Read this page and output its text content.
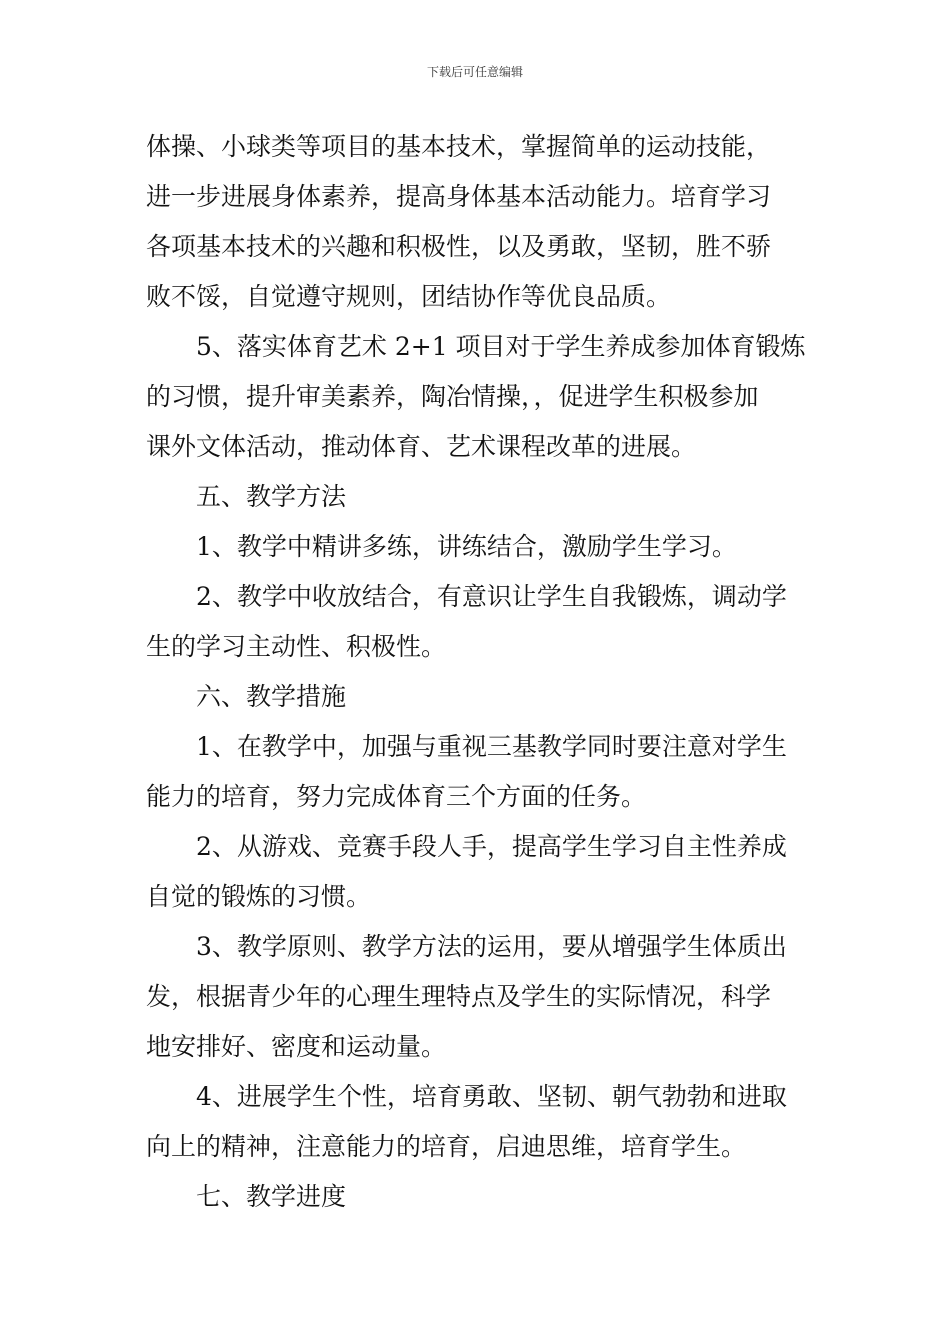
下载后可任意编辑
体操、小球类等项目的基本技术，掌握简单的运动技能，
进一步进展身体素养，提高身体基本活动能力。培育学习
各项基本技术的兴趣和积极性，以及勇敢，坚韧，胜不骄
败不馁，自觉遵守规则，团结协作等优良品质。
5、落实体育艺术 2+1 项目对于学生养成参加体育锻炼
的习惯，提升审美素养，陶冶情操，，促进学生积极参加
课外文体活动，推动体育、艺术课程改革的进展。
五、教学方法
1、教学中精讲多练，讲练结合，激励学生学习。
2、教学中收放结合，有意识让学生自我锻炼，调动学
生的学习主动性、积极性。
六、教学措施
1、在教学中，加强与重视三基教学同时要注意对学生
能力的培育，努力完成体育三个方面的任务。
2、从游戏、竞赛手段人手，提高学生学习自主性养成
自觉的锻炼的习惯。
3、教学原则、教学方法的运用，要从增强学生体质出
发，根据青少年的心理生理特点及学生的实际情况，科学
地安排好、密度和运动量。
4、进展学生个性，培育勇敢、坚韧、朝气勃勃和进取
向上的精神，注意能力的培育，启迪思维，培育学生。
七、教学进度
